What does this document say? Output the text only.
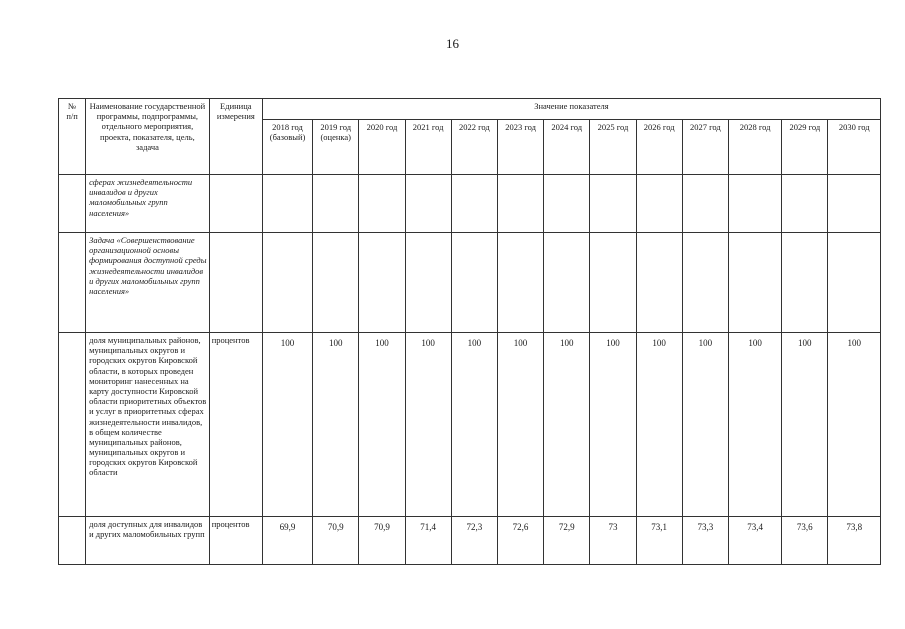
16
№
п/п	Наименование государственной программы, подпрограммы, отдельного мероприятия, проекта, показателя, цель, задача	Единица измерения	Значение показателя												
			2018 год (базовый)	2019 год (оценка)	2020 год	2021 год	2022 год	2023 год	2024 год	2025 год	2026 год	2027 год	2028 год	2029 год	2030 год
	сферах жизнедеятельности инвалидов и других маломобильных групп населения»														
	Задача «Совершенствование организационной основы формирования доступной среды жизнедеятельности инвалидов и других маломобильных групп населения»														
	доля муниципальных районов, муниципальных округов и городских округов Кировской области, в которых проведен мониторинг нанесенных на карту доступности Кировской области приоритетных объектов и услуг в приоритетных сферах жизнедеятельности инвалидов, в общем количестве муниципальных районов, муниципальных округов и городских округов Кировской области	процентов	100	100	100	100	100	100	100	100	100	100	100	100	100
	доля доступных для инвалидов и других маломобильных групп	процентов	69,9	70,9	70,9	71,4	72,3	72,6	72,9	73	73,1	73,3	73,4	73,6	73,8
